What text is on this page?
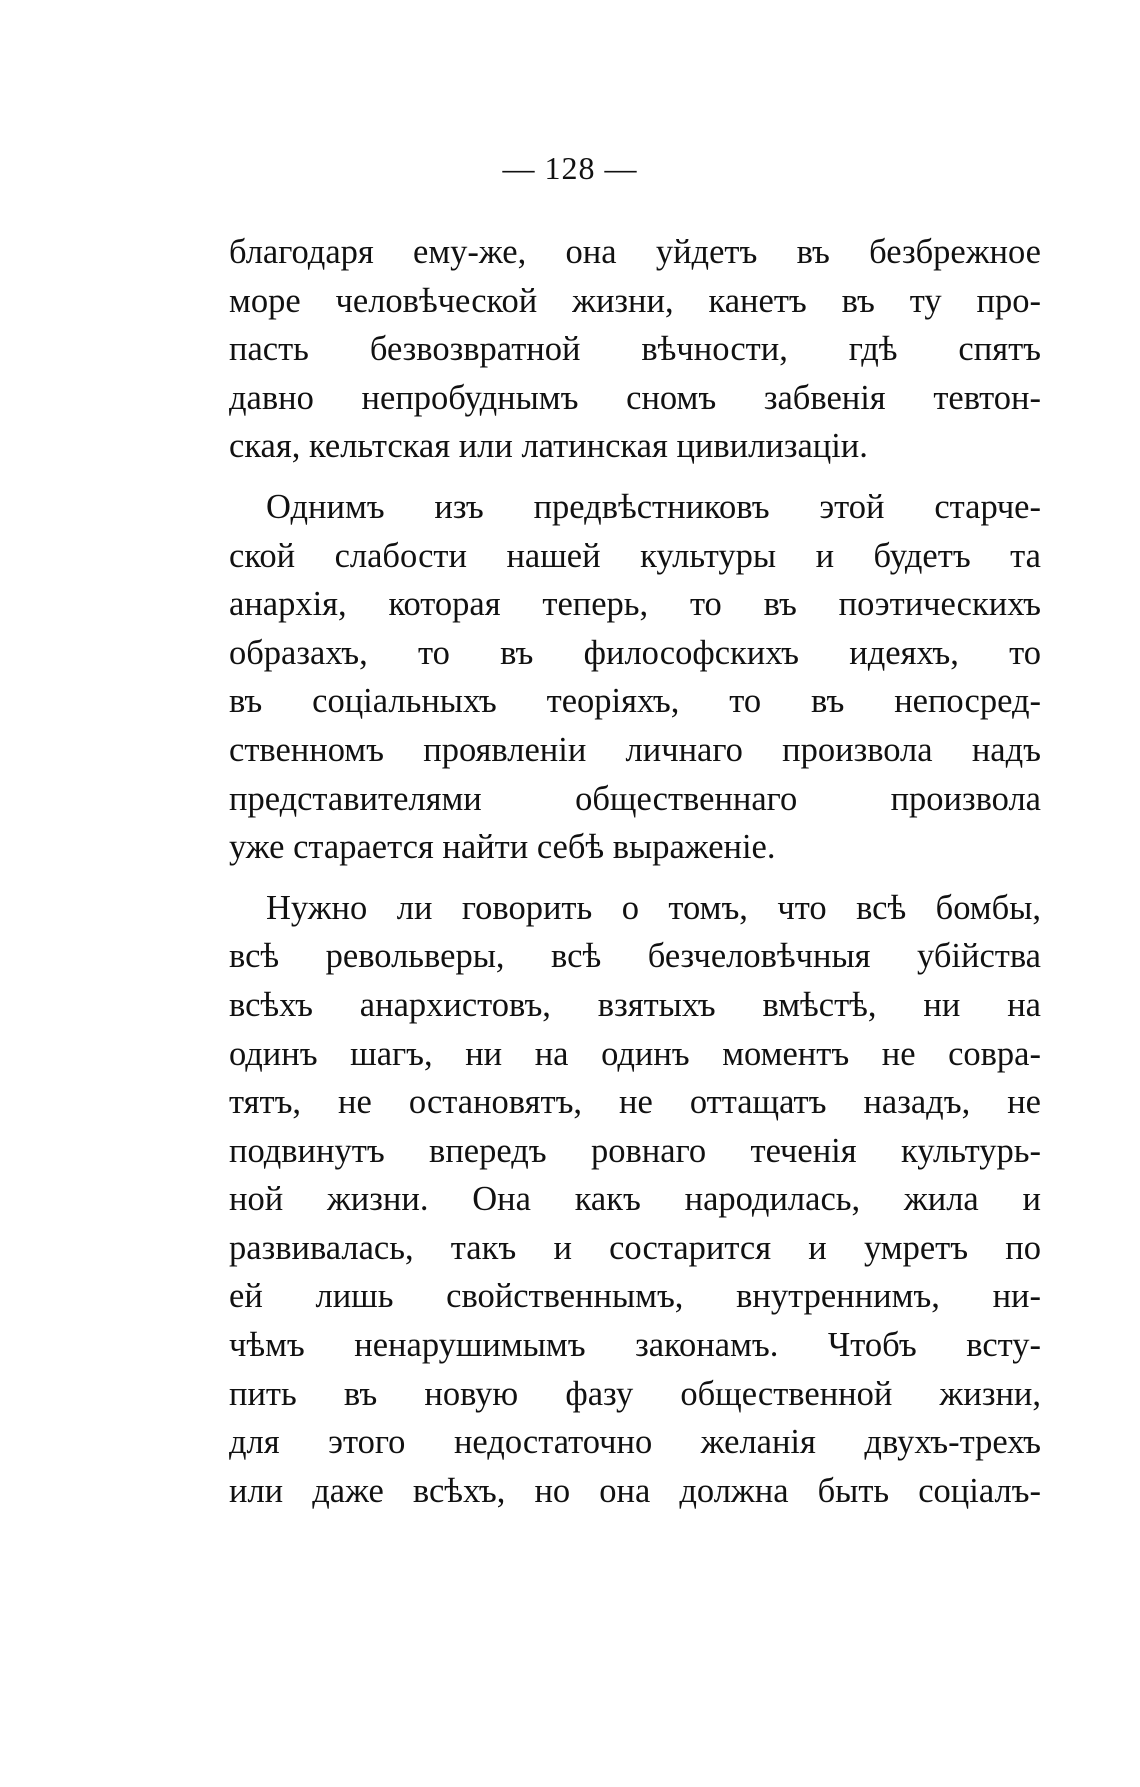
— 128 —
благодаря ему-же, она уйдетъ въ безбрежное
море человѣческой жизни, канетъ въ ту про-
пасть безвозвратной вѣчности, гдѣ спятъ
давно непробуднымъ сномъ забвенія тевтон-
ская, кельтская или латинская цивилизаціи.
Однимъ изъ предвѣстниковъ этой старче-
ской слабости нашей культуры и будетъ та
анархія, которая теперь, то въ поэтическихъ
образахъ, то въ философскихъ идеяхъ, то
въ соціальныхъ теоріяхъ, то въ непосред-
ственномъ проявленіи личнаго произвола надъ
представителями общественнаго произвола
уже старается найти себѣ выраженіе.
Нужно ли говорить о томъ, что всѣ бомбы,
всѣ револьверы, всѣ безчеловѣчныя убійства
всѣхъ анархистовъ, взятыхъ вмѣстѣ, ни на
одинъ шагъ, ни на одинъ моментъ не совра-
тятъ, не остановятъ, не оттащатъ назадъ, не
подвинутъ впередъ ровнаго теченія культурь-
ной жизни. Она какъ народилась, жила и
развивалась, такъ и состарится и умретъ по
ей лишь свойственнымъ, внутреннимъ, ни-
чѣмъ ненарушимымъ законамъ. Чтобъ всту-
пить въ новую фазу общественной жизни,
для этого недостаточно желанія двухъ-трехъ
или даже всѣхъ, но она должна быть соціалъ-
